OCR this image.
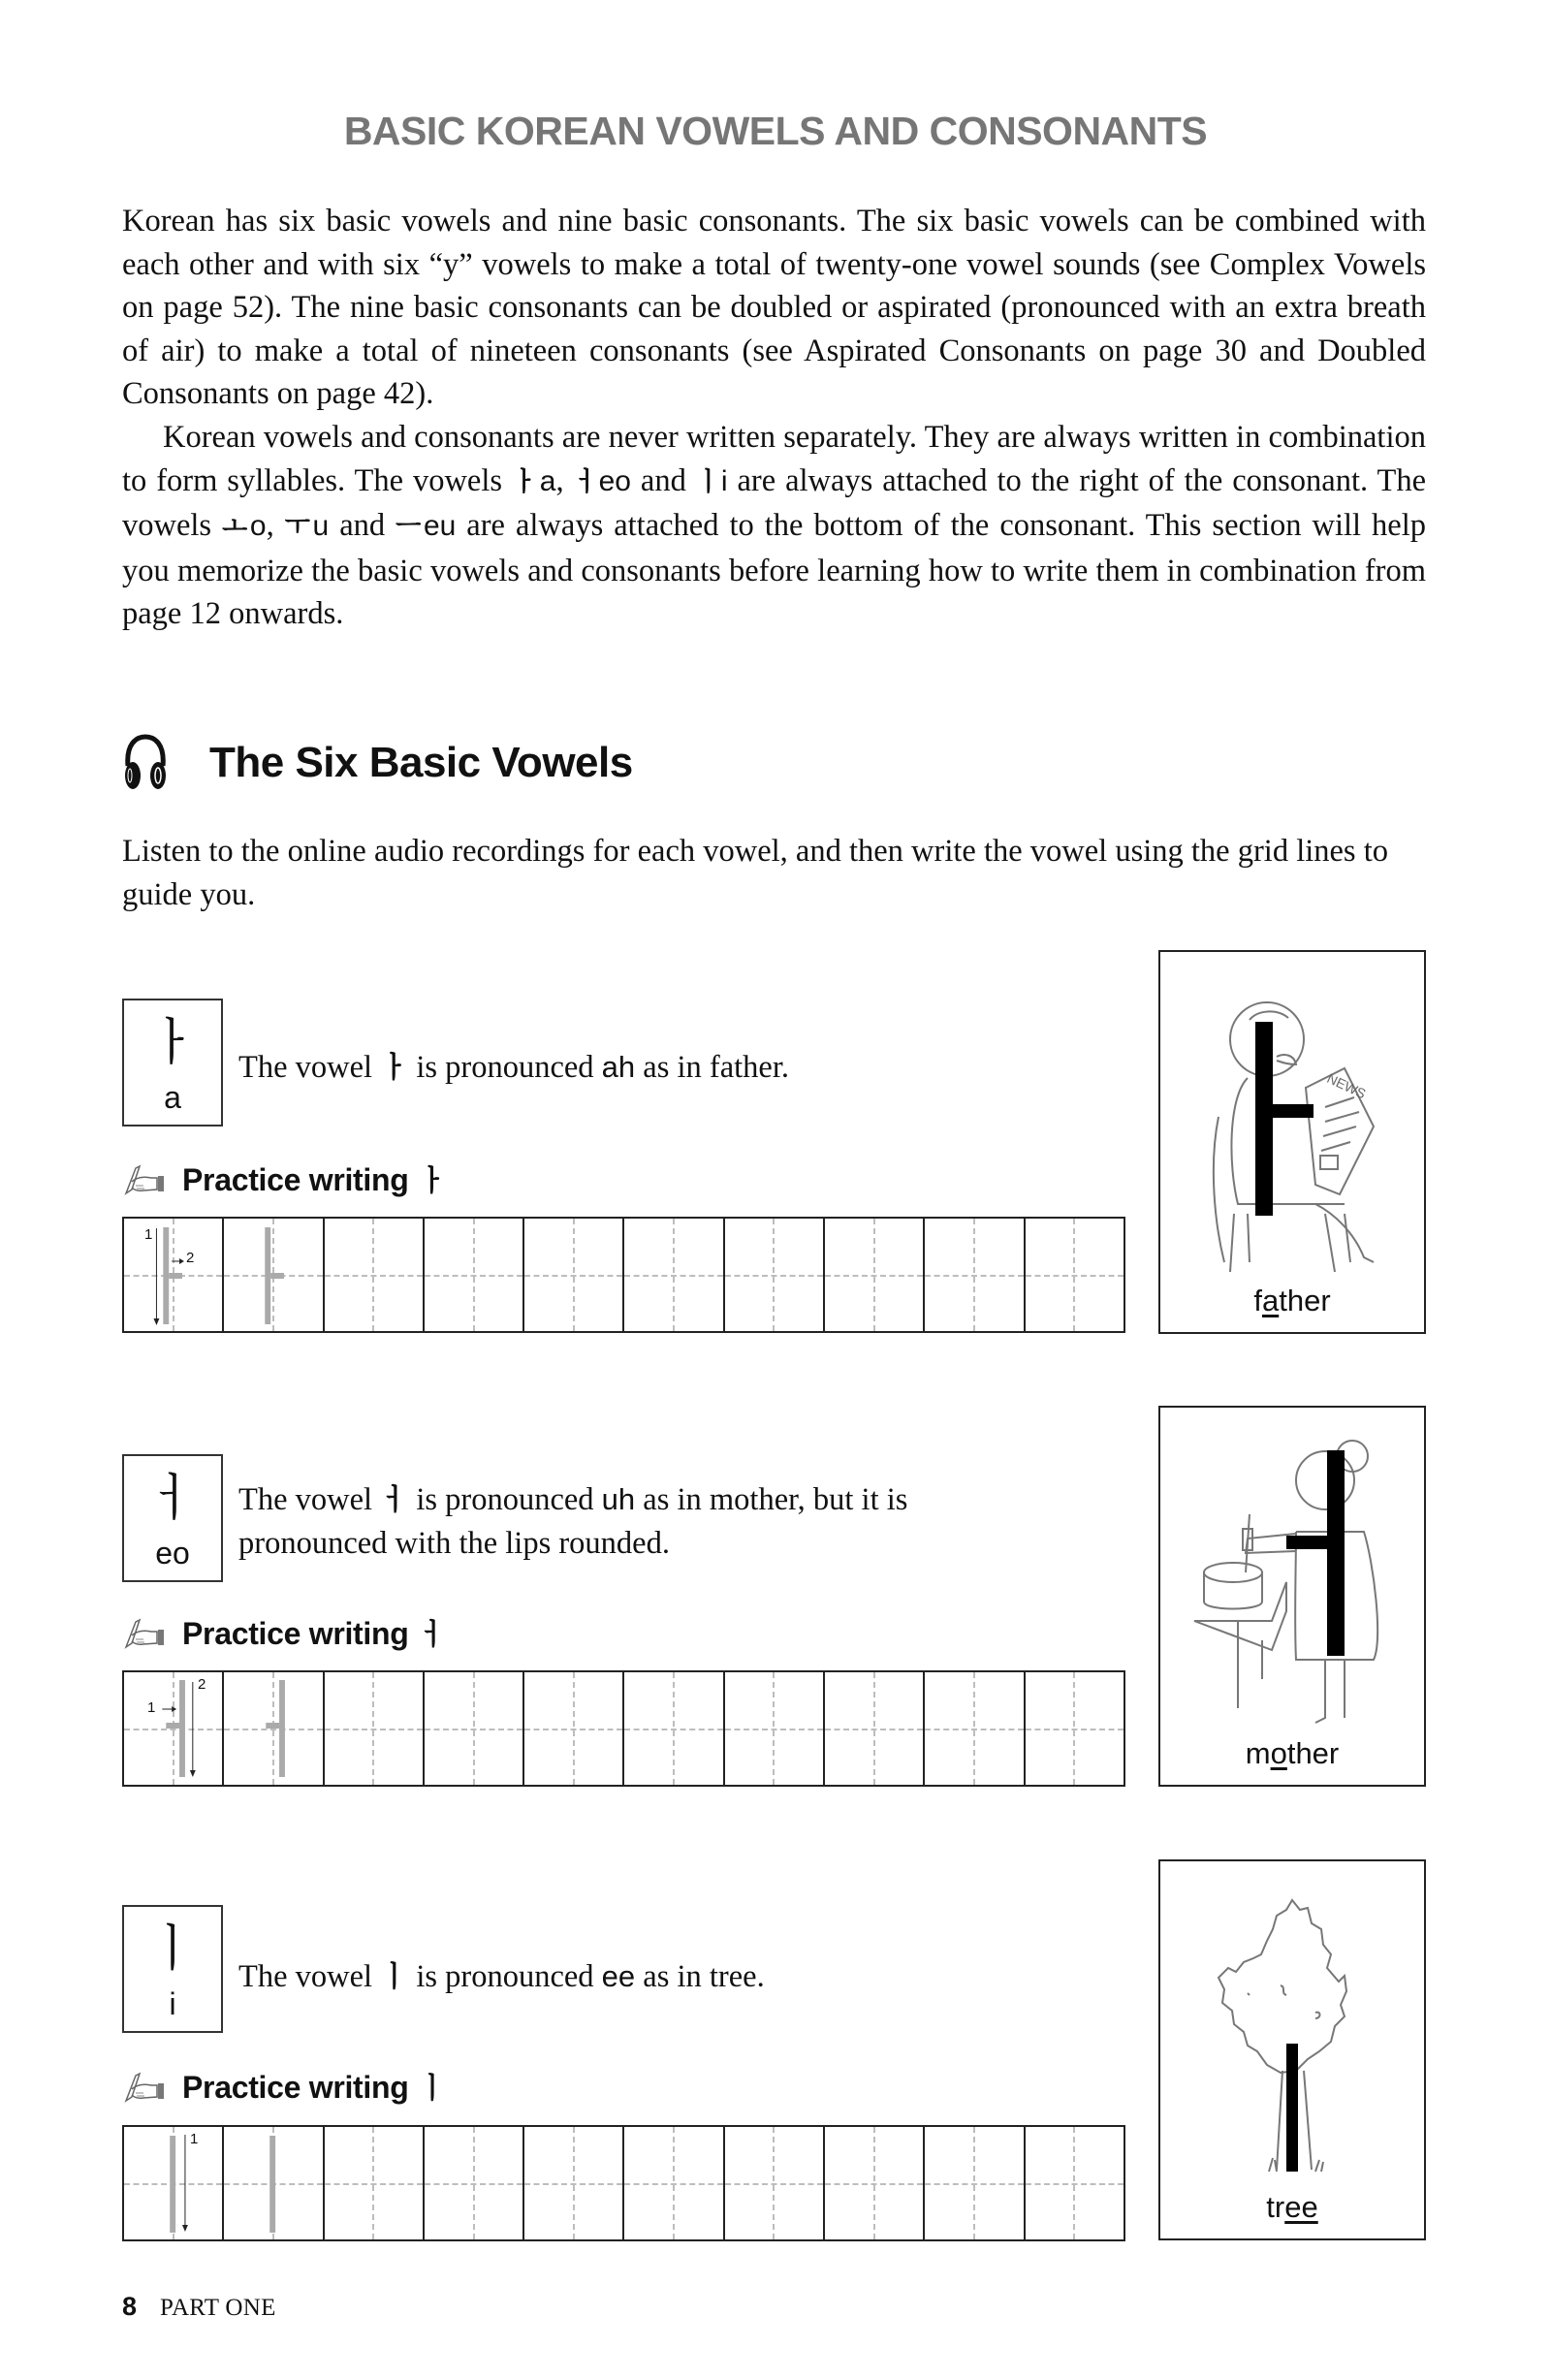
BASIC KOREAN VOWELS AND CONSONANTS

Korean has six basic vowels and nine basic consonants. The six basic vowels can be combined with each other and with six “y” vowels to make a total of twenty-one vowel sounds (see Complex Vowels on page 52). The nine basic consonants can be doubled or aspirated (pronounced with an extra breath of air) to make a total of nineteen consonants (see Aspirated Consonants on page 30 and Doubled Consonants on page 42).

Korean vowels and consonants are never written separately. They are always written in combination to form syllables. The vowels ㅏ a, ㅓeo and ㅣi are always attached to the right of the consonant. The vowels ㅗ o, ㅜ u and ㅡ eu are always attached to the bottom of the consonant. This section will help you memorize the basic vowels and consonants before learning how to write them in combination from page 12 onwards.

The Six Basic Vowels
Listen to the online audio recordings for each vowel, and then write the vowel using the grid lines to guide you.
ㅏ
a
The vowel ㅏ is pronounced ah as in father.
Practice writing ㅏ
1
2
NEWS
father
ㅓ
eo
The vowel ㅓ is pronounced uh as in mother, but it is pronounced with the lips rounded.
Practice writing ㅓ
1
2
mother
ㅣ
i
The vowel ㅣ is pronounced ee as in tree.
Practice writing ㅣ
1
tree
8 PART ONE
